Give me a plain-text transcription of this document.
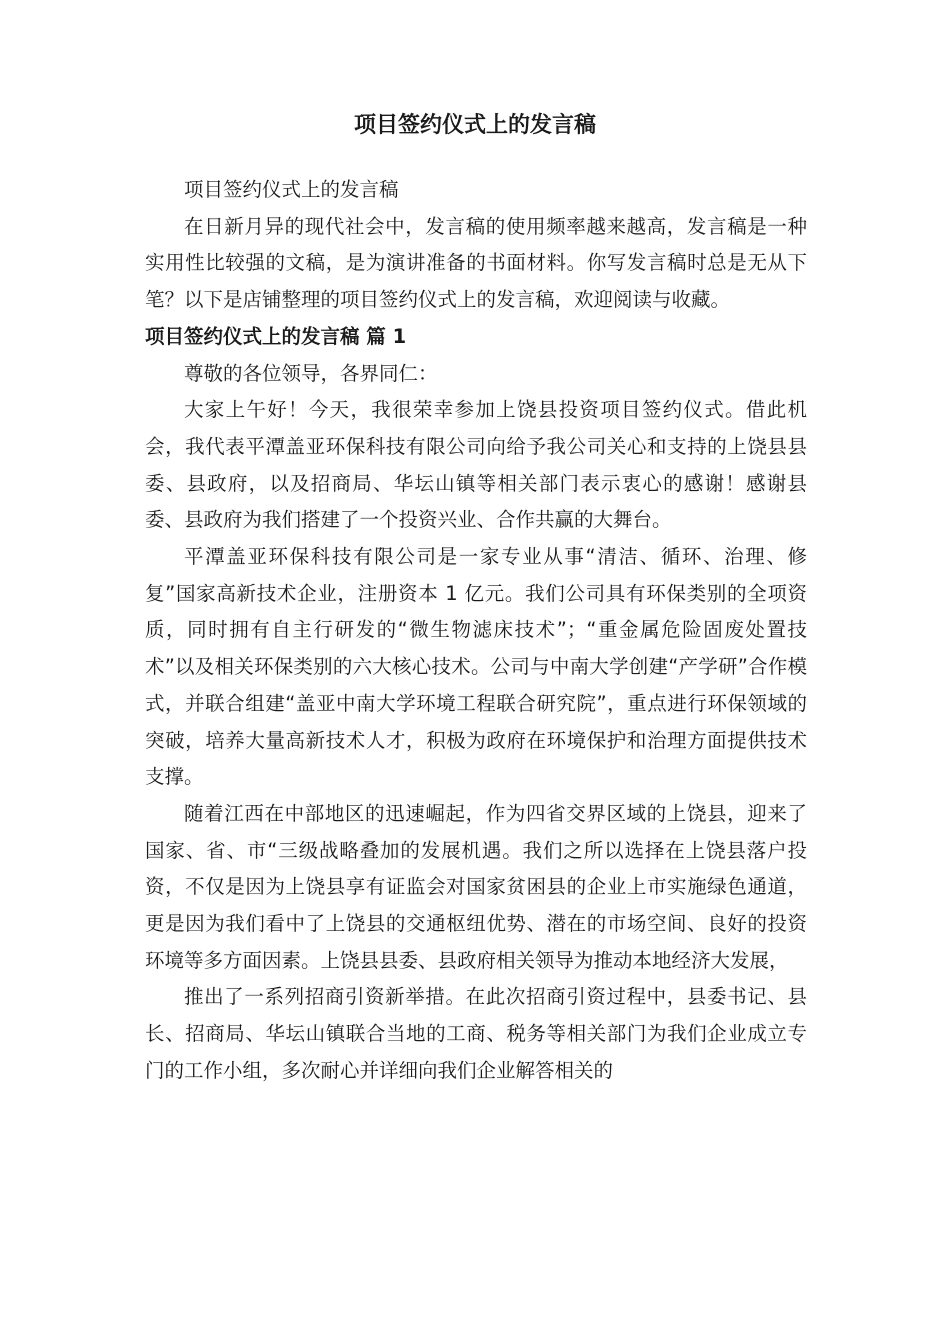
项目签约仪式上的发言稿

项目签约仪式上的发言稿

在日新月异的现代社会中，发言稿的使用频率越来越高，发言稿是一种实用性比较强的文稿，是为演讲准备的书面材料。你写发言稿时总是无从下笔？以下是店铺整理的项目签约仪式上的发言稿，欢迎阅读与收藏。

项目签约仪式上的发言稿 篇 1

尊敬的各位领导，各界同仁：

大家上午好！今天，我很荣幸参加上饶县投资项目签约仪式。借此机会，我代表平潭盖亚环保科技有限公司向给予我公司关心和支持的上饶县县委、县政府，以及招商局、华坛山镇等相关部门表示衷心的感谢！感谢县委、县政府为我们搭建了一个投资兴业、合作共赢的大舞台。

平潭盖亚环保科技有限公司是一家专业从事“清洁、循环、治理、修复”国家高新技术企业，注册资本 1 亿元。我们公司具有环保类别的全项资质，同时拥有自主行研发的“微生物滤床技术”；“重金属危险固废处置技术”以及相关环保类别的六大核心技术。公司与中南大学创建“产学研”合作模式，并联合组建“盖亚中南大学环境工程联合研究院”，重点进行环保领域的突破，培养大量高新技术人才，积极为政府在环境保护和治理方面提供技术支撑。

随着江西在中部地区的迅速崛起，作为四省交界区域的上饶县，迎来了国家、省、市“三级战略叠加的发展机遇。我们之所以选择在上饶县落户投资，不仅是因为上饶县享有证监会对国家贫困县的企业上市实施绿色通道，更是因为我们看中了上饶县的交通枢纽优势、潜在的市场空间、良好的投资环境等多方面因素。上饶县县委、县政府相关领导为推动本地经济大发展，

推出了一系列招商引资新举措。在此次招商引资过程中，县委书记、县长、招商局、华坛山镇联合当地的工商、税务等相关部门为我们企业成立专门的工作小组，多次耐心并详细向我们企业解答相关的
